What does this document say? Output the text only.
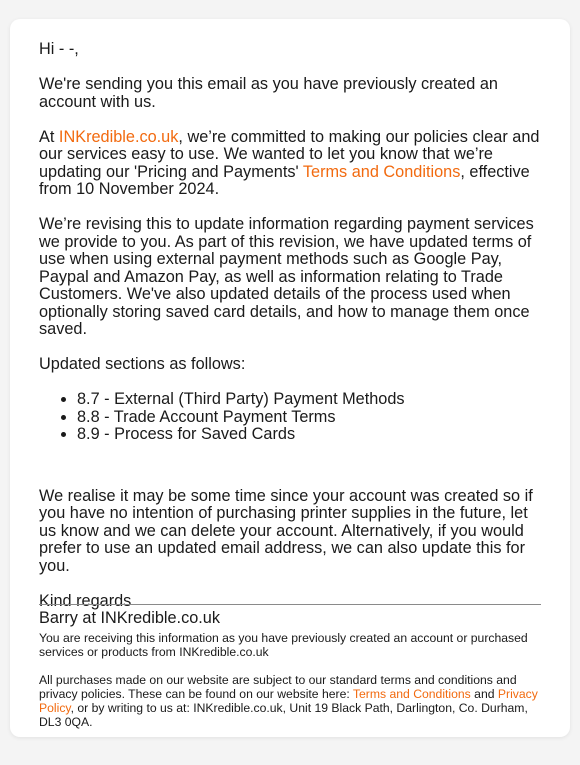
Hi - -,

We're sending you this email as you have previously created an account with us.

At INKredible.co.uk, we’re committed to making our policies clear and our services easy to use. We wanted to let you know that we’re updating our 'Pricing and Payments' Terms and Conditions, effective from 10 November 2024.

We’re revising this to update information regarding payment services we provide to you. As part of this revision, we have updated terms of use when using external payment methods such as Google Pay, Paypal and Amazon Pay, as well as information relating to Trade Customers. We've also updated details of the process used when optionally storing saved card details, and how to manage them once saved.

Updated sections as follows:

• 8.7 - External (Third Party) Payment Methods
• 8.8 - Trade Account Payment Terms
• 8.9 - Process for Saved Cards

We realise it may be some time since your account was created so if you have no intention of purchasing printer supplies in the future, let us know and we can delete your account. Alternatively, if you would prefer to use an updated email address, we can also update this for you.

Kind regards
Barry at INKredible.co.uk

You are receiving this information as you have previously created an account or purchased services or products from INKredible.co.uk

All purchases made on our website are subject to our standard terms and conditions and privacy policies. These can be found on our website here: Terms and Conditions and Privacy Policy, or by writing to us at: INKredible.co.uk, Unit 19 Black Path, Darlington, Co. Durham, DL3 0QA.
